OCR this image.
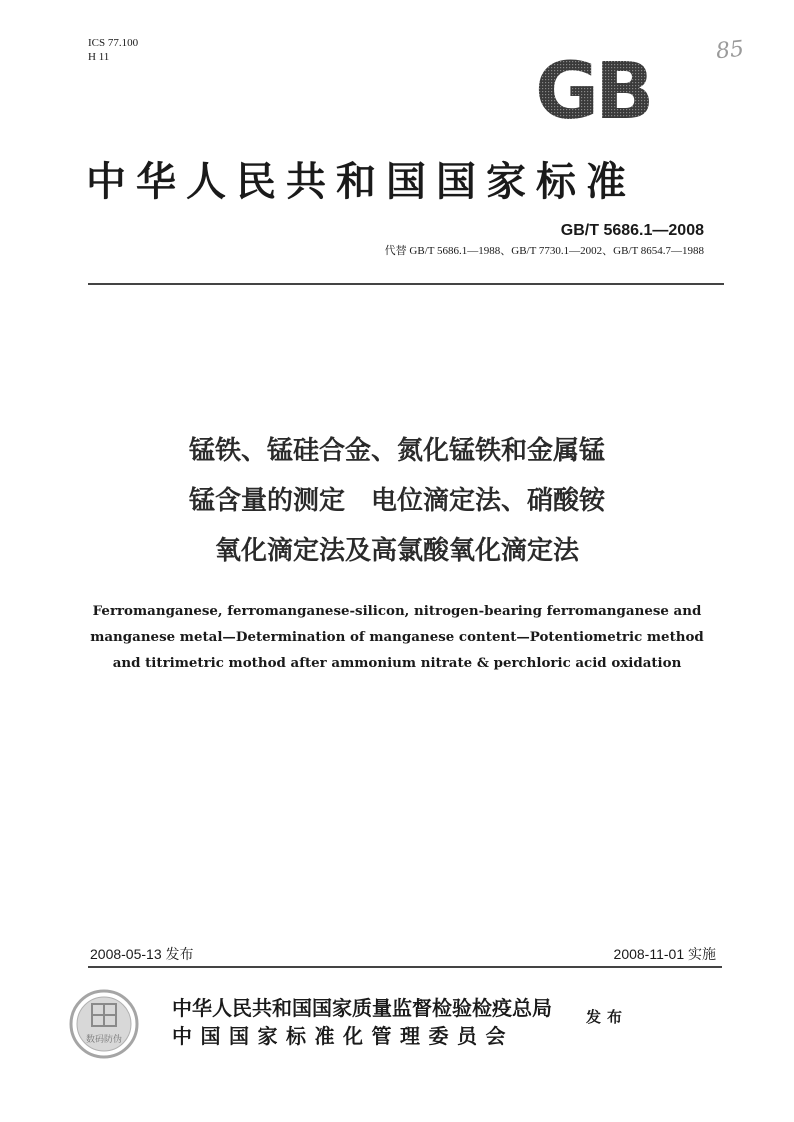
ICS 77.100
H 11	GB	85
中华人民共和国国家标准
GB/T 5686.1—2008
代替 GB/T 5686.1—1988、GB/T 7730.1—2002、GB/T 8654.7—1988
锰铁、锰硅合金、氮化锰铁和金属锰
锰含量的测定　电位滴定法、硝酸铵
氧化滴定法及高氯酸氧化滴定法
Ferromanganese, ferromanganese-silicon, nitrogen-bearing ferromanganese and
manganese metal—Determination of manganese content—Potentiometric method
and titrimetric mothod after ammonium nitrate & perchloric acid oxidation
2008-05-13 发布	2008-11-01 实施
数码防伪
中华人民共和国国家质量监督检验检疫总局
中国国家标准化管理委员会
发布
